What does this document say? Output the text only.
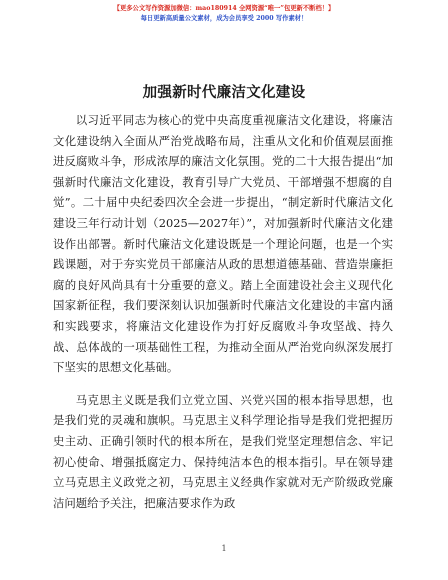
【更多公文写作资源加微信：mao180914 全网资源“唯一”包更新不断档！】
每日更新高质量公文素材，成为会员享受 2000 写作素材！
加强新时代廉洁文化建设

以习近平同志为核心的党中央高度重视廉洁文化建设，将廉洁文化建设纳入全面从严治党战略布局，注重从文化和价值观层面推进反腐败斗争，形成浓厚的廉洁文化氛围。党的二十大报告提出“加强新时代廉洁文化建设，教育引导广大党员、干部增强不想腐的自觉”。二十届中央纪委四次全会进一步提出，“制定新时代廉洁文化建设三年行动计划（2025—2027年）”，对加强新时代廉洁文化建设作出部署。新时代廉洁文化建设既是一个理论问题，也是一个实践课题，对于夯实党员干部廉洁从政的思想道德基础、营造崇廉拒腐的良好风尚具有十分重要的意义。踏上全面建设社会主义现代化国家新征程，我们要深刻认识加强新时代廉洁文化建设的丰富内涵和实践要求，将廉洁文化建设作为打好反腐败斗争攻坚战、持久战、总体战的一项基础性工程，为推动全面从严治党向纵深发展打下坚实的思想文化基础。

马克思主义既是我们立党立国、兴党兴国的根本指导思想，也是我们党的灵魂和旗帜。马克思主义科学理论指导是我们党把握历史主动、正确引领时代的根本所在，是我们党坚定理想信念、牢记初心使命、增强抵腐定力、保持纯洁本色的根本指引。早在领导建立马克思主义政党之初，马克思主义经典作家就对无产阶级政党廉洁问题给予关注，把廉洁要求作为政

1
